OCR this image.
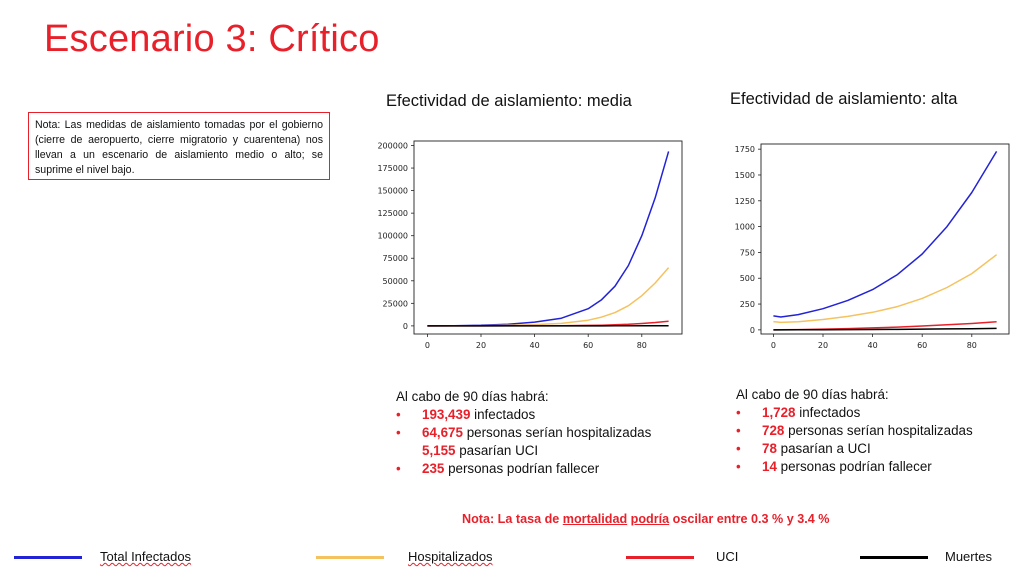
Escenario 3: Crítico
Nota: Las medidas de aislamiento tomadas por el gobierno (cierre de aeropuerto, cierre migratorio y cuarentena) nos llevan a un escenario de aislamiento medio o alto; se suprime el nivel bajo.
Efectividad de aislamiento: media	Efectividad de aislamiento: alta
0	20	40	60	80
0
25000
50000
75000
100000
125000
150000
175000
200000
0	20	40	60	80
0
250
500
750
1000
1250
1500
1750
Al cabo de 90 días habrá:
• 193,439 infectados
• 64,675 personas serían hospitalizadas
5,155 pasarían UCI
• 235 personas podrían fallecer
Al cabo de 90 días habrá:
• 1,728 infectados
• 728 personas serían hospitalizadas
• 78 pasarían a UCI
• 14 personas podrían fallecer
Nota: La tasa de mortalidad podría oscilar entre 0.3 % y 3.4 %
Total Infectados	Hospitalizados	UCI	Muertes
